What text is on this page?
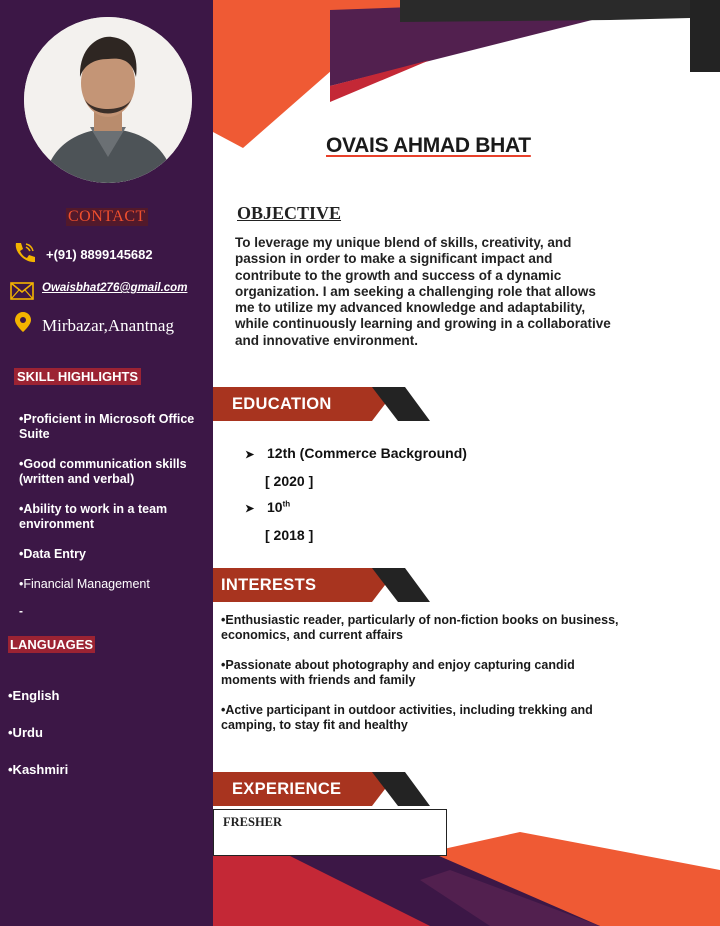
CONTACT
+(91) 8899145682
Owaisbhat276@gmail.com
Mirbazar,Anantnag
SKILL HIGHLIGHTS
•Proficient in Microsoft Office Suite
•Good communication skills (written and verbal)
•Ability to work in a team environment
•Data Entry
•Financial Management
-
LANGUAGES
•English
•Urdu
•Kashmiri
OVAIS AHMAD BHAT
OBJECTIVE
To leverage my unique blend of skills, creativity, and passion in order to make a significant impact and contribute to the growth and success of a dynamic organization. I am seeking a challenging role that allows me to utilize my advanced knowledge and adaptability, while continuously learning and growing in a collaborative and innovative environment.
EDUCATION
➤ 12th (Commerce Background)
[ 2020 ]
➤ 10th
[ 2018 ]
INTERESTS
•Enthusiastic reader, particularly of non-fiction books on business, economics, and current affairs
•Passionate about photography and enjoy capturing candid moments with friends and family
•Active participant in outdoor activities, including trekking and camping, to stay fit and healthy
EXPERIENCE
FRESHER
